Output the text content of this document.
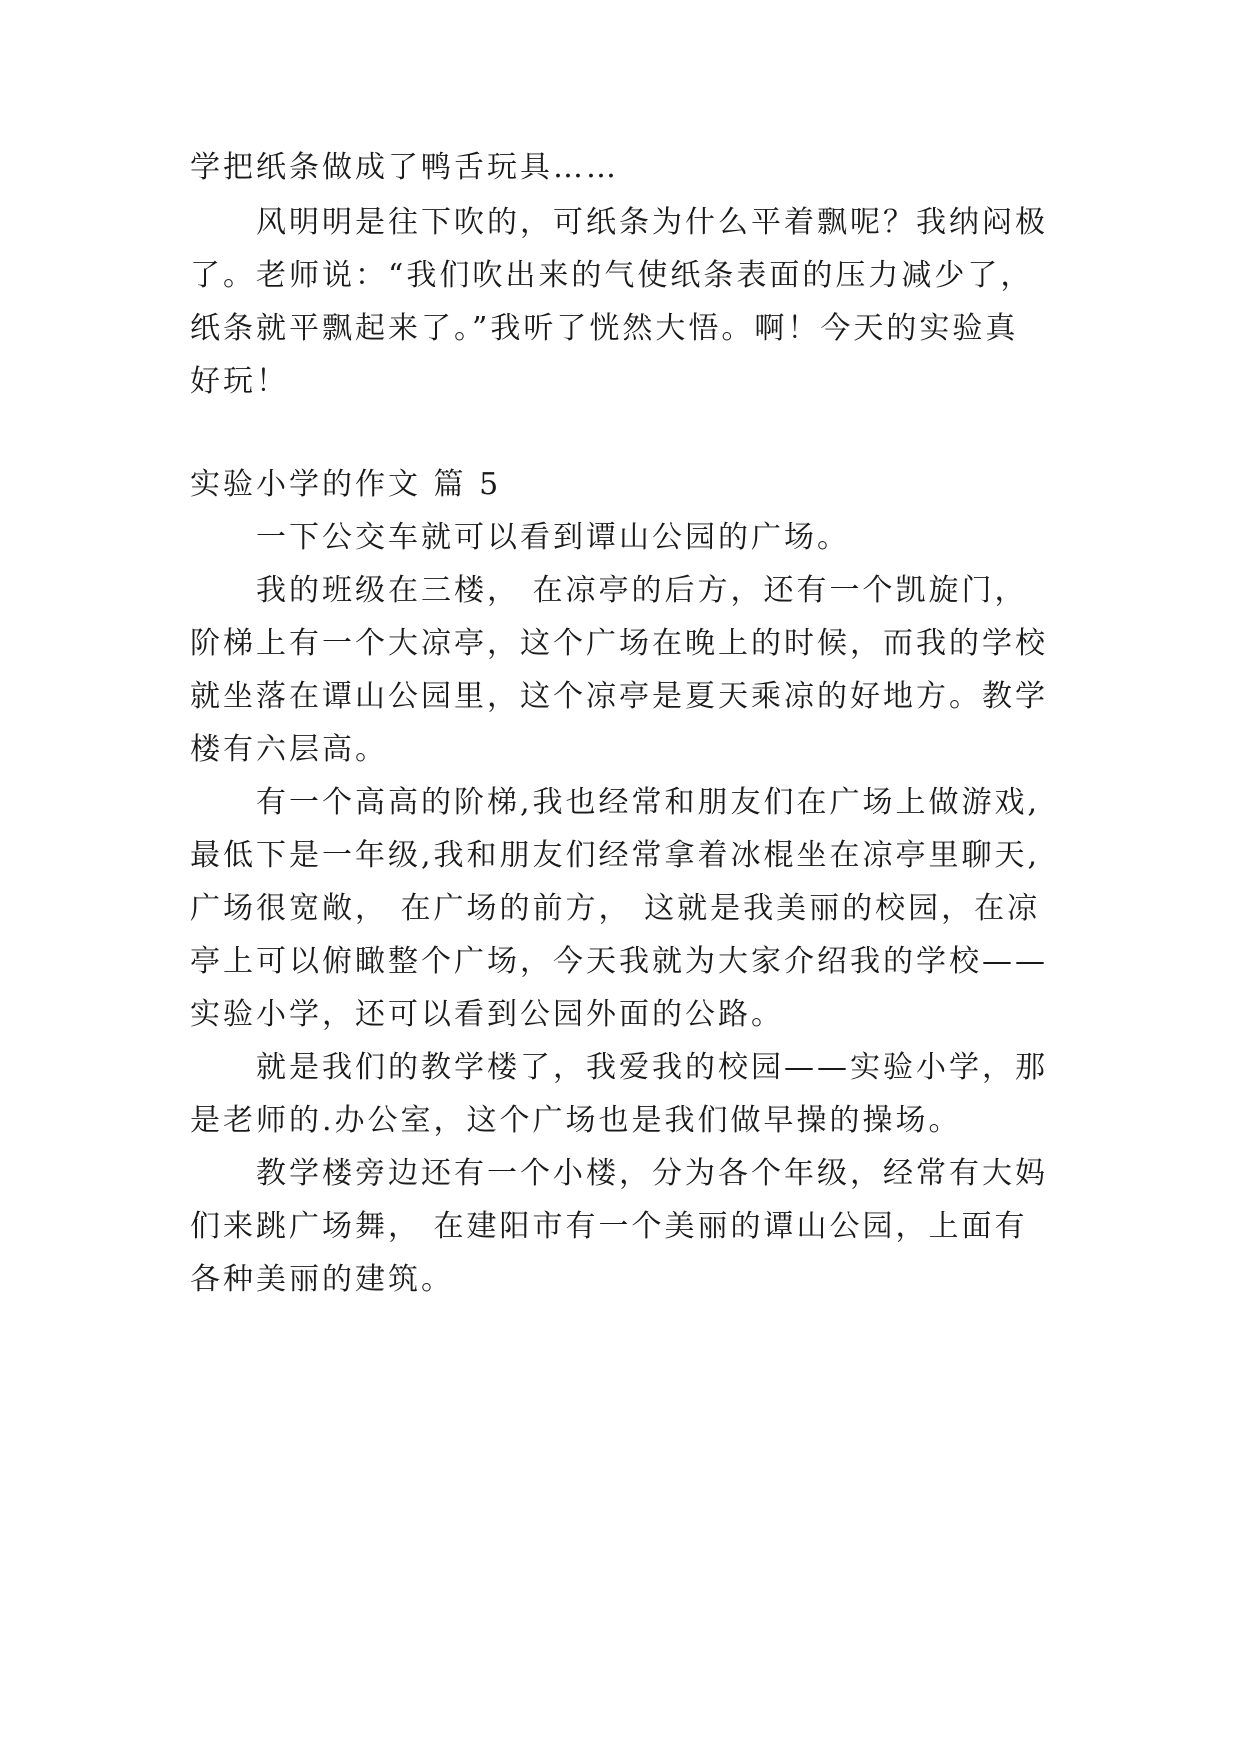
学把纸条做成了鸭舌玩具……
风明明是往下吹的，可纸条为什么平着飘呢？我纳闷极
了。老师说：“我们吹出来的气使纸条表面的压力减少了，
纸条就平飘起来了。”我听了恍然大悟。啊！今天的实验真
好玩！
实验小学的作文 篇 5
一下公交车就可以看到谭山公园的广场。
我的班级在三楼， 在凉亭的后方，还有一个凯旋门，
阶梯上有一个大凉亭，这个广场在晚上的时候，而我的学校
就坐落在谭山公园里，这个凉亭是夏天乘凉的好地方。教学
楼有六层高。
有一个高高的阶梯,我也经常和朋友们在广场上做游戏,
最低下是一年级,我和朋友们经常拿着冰棍坐在凉亭里聊天,
广场很宽敞， 在广场的前方， 这就是我美丽的校园，在凉
亭上可以俯瞰整个广场，今天我就为大家介绍我的学校——
实验小学，还可以看到公园外面的公路。
就是我们的教学楼了，我爱我的校园——实验小学，那
是老师的.办公室，这个广场也是我们做早操的操场。
教学楼旁边还有一个小楼，分为各个年级，经常有大妈
们来跳广场舞， 在建阳市有一个美丽的谭山公园，上面有
各种美丽的建筑。
